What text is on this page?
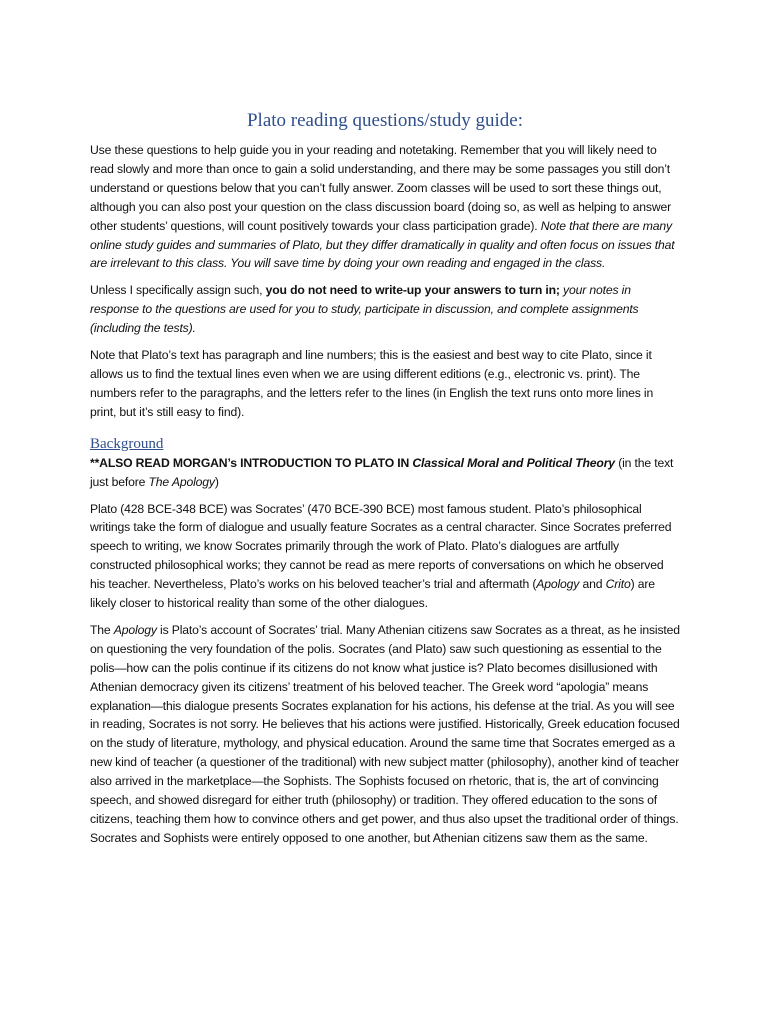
Plato reading questions/study guide:

Use these questions to help guide you in your reading and notetaking. Remember that you will likely need to read slowly and more than once to gain a solid understanding, and there may be some passages you still don’t understand or questions below that you can’t fully answer. Zoom classes will be used to sort these things out, although you can also post your question on the class discussion board (doing so, as well as helping to answer other students’ questions, will count positively towards your class participation grade). Note that there are many online study guides and summaries of Plato, but they differ dramatically in quality and often focus on issues that are irrelevant to this class. You will save time by doing your own reading and engaged in the class.

Unless I specifically assign such, you do not need to write-up your answers to turn in; your notes in response to the questions are used for you to study, participate in discussion, and complete assignments (including the tests).

Note that Plato’s text has paragraph and line numbers; this is the easiest and best way to cite Plato, since it allows us to find the textual lines even when we are using different editions (e.g., electronic vs. print). The numbers refer to the paragraphs, and the letters refer to the lines (in English the text runs onto more lines in print, but it’s still easy to find).

Background

**ALSO READ MORGAN’s INTRODUCTION TO PLATO IN Classical Moral and Political Theory (in the text just before The Apology)

Plato (428 BCE-348 BCE) was Socrates’ (470 BCE-390 BCE) most famous student. Plato’s philosophical writings take the form of dialogue and usually feature Socrates as a central character. Since Socrates preferred speech to writing, we know Socrates primarily through the work of Plato. Plato’s dialogues are artfully constructed philosophical works; they cannot be read as mere reports of conversations on which he observed his teacher. Nevertheless, Plato’s works on his beloved teacher’s trial and aftermath (Apology and Crito) are likely closer to historical reality than some of the other dialogues.

The Apology is Plato’s account of Socrates’ trial. Many Athenian citizens saw Socrates as a threat, as he insisted on questioning the very foundation of the polis. Socrates (and Plato) saw such questioning as essential to the polis—how can the polis continue if its citizens do not know what justice is? Plato becomes disillusioned with Athenian democracy given its citizens’ treatment of his beloved teacher. The Greek word “apologia” means explanation—this dialogue presents Socrates explanation for his actions, his defense at the trial. As you will see in reading, Socrates is not sorry. He believes that his actions were justified. Historically, Greek education focused on the study of literature, mythology, and physical education. Around the same time that Socrates emerged as a new kind of teacher (a questioner of the traditional) with new subject matter (philosophy), another kind of teacher also arrived in the marketplace—the Sophists. The Sophists focused on rhetoric, that is, the art of convincing speech, and showed disregard for either truth (philosophy) or tradition. They offered education to the sons of citizens, teaching them how to convince others and get power, and thus also upset the traditional order of things. Socrates and Sophists were entirely opposed to one another, but Athenian citizens saw them as the same.
